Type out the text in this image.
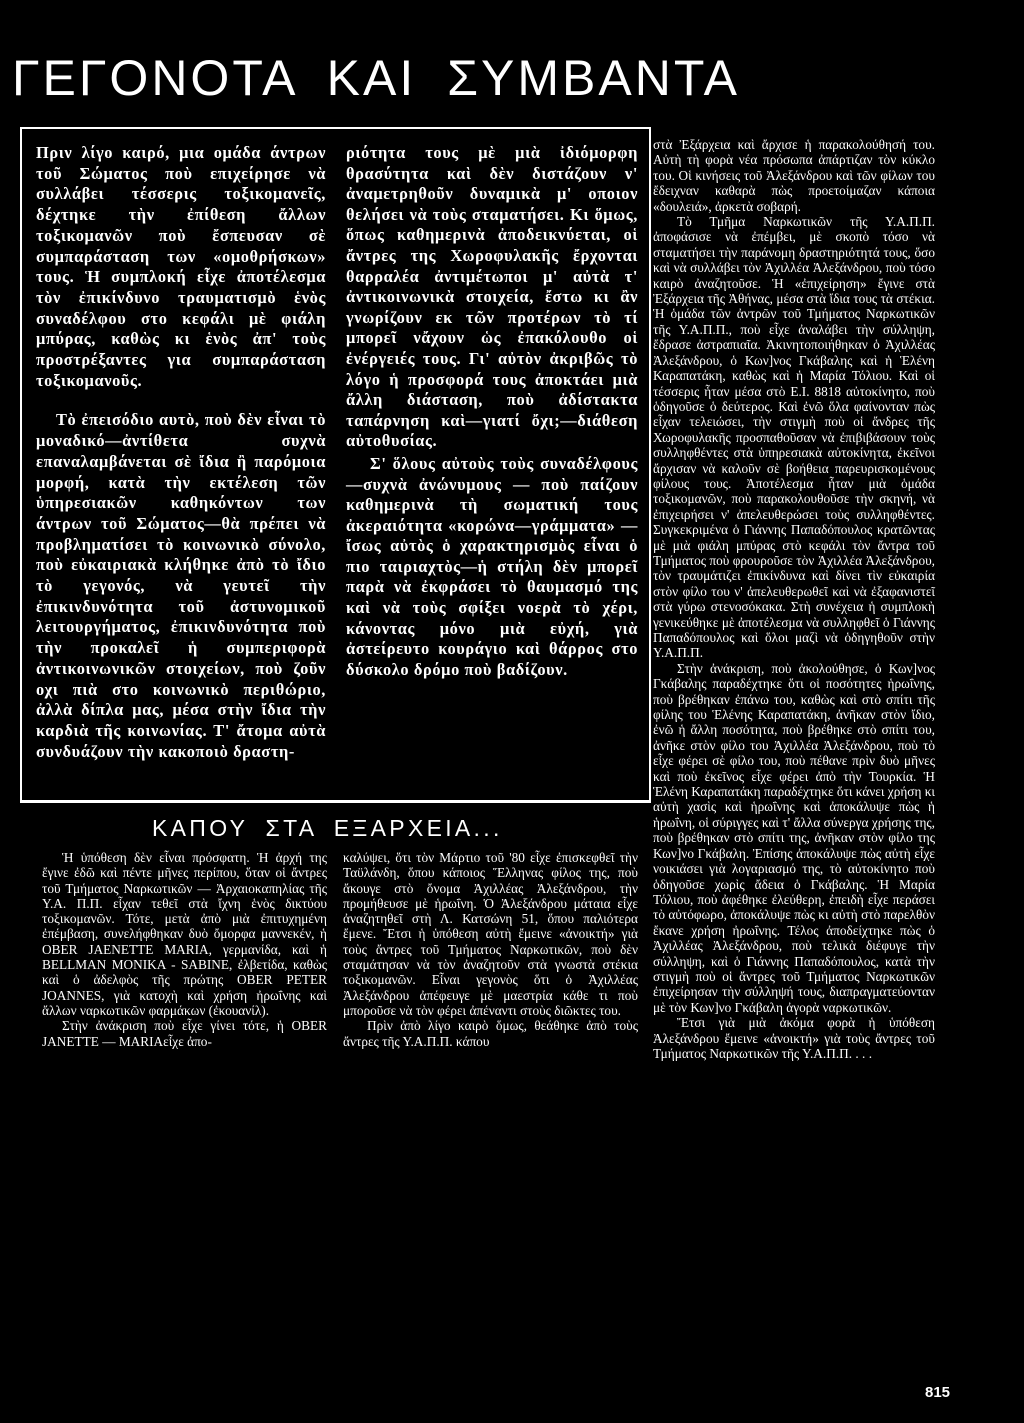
ΓΕΓΟΝΟΤΑ ΚΑΙ ΣΥΜΒΑΝΤΑ

Πριν λίγο καιρό, μια ομάδα άντρων τοῦ Σώματος ποὺ επιχείρησε νὰ συλλάβει τέσσερις τοξικομανεῖς, δέχτηκε τὴν ἐπίθεση ἄλλων τοξικομανῶν ποὺ ἔσπευσαν σὲ συμπαράσταση των «ομοθρήσκων» τους. Ἡ συμπλοκή εἶχε ἀποτέλεσμα τὸν ἐπικίνδυνο τραυματισμὸ ἑνὸς συναδέλφου στο κεφάλι μὲ φιάλη μπύρας, καθὼς κι ἑνὸς ἀπ' τοὺς προστρέξαντες για συμπαράσταση τοξικομανοῦς.

Τὸ ἐπεισόδιο αυτὸ, ποὺ δὲν εἶναι τὸ μοναδικό—ἀντίθετα συχνὰ επαναλαμβάνεται σὲ ἴδια ἢ παρόμοια μορφή, κατὰ τὴν εκτέλεση τῶν ὑπηρεσιακῶν καθηκόντων των άντρων τοῦ Σώματος—θὰ πρέπει νὰ προβληματίσει τὸ κοινωνικὸ σύνολο, ποὺ εὐκαιριακὰ κλήθηκε ἀπὸ τὸ ἴδιο τὸ γεγονός, νὰ γευτεῖ τὴν ἐπικινδυνότητα τοῦ ἀστυνομικοῦ λειτουργήματος, ἐπικινδυνότητα ποὺ τὴν προκαλεῖ ἡ συμπεριφορὰ ἀντικοινωνικῶν στοιχείων, ποὺ ζοῦν οχι πιὰ στο κοινωνικὸ περιθώριο, ἀλλὰ δίπλα μας, μέσα στὴν ἴδια τὴν καρδιὰ τῆς κοινωνίας. Τ' ἄτομα αὐτὰ συνδυάζουν τὴν κακοποιὸ δραστη-

ριότητα τους μὲ μιὰ ἰδιόμορφη θρασύτητα καὶ δὲν διστάζουν ν' ἀναμετρηθοῦν δυναμικὰ μ' οποιον θελήσει νὰ τοὺς σταματήσει. Κι ὅμως, ὅπως καθημερινὰ ἀποδεικνύεται, οἱ ἄντρες της Χωροφυλακῆς ἔρχονται θαρραλέα ἀντιμέτωποι μ' αὐτὰ τ' ἀντικοινωνικὰ στοιχεία, ἔστω κι ἂν γνωρίζουν εκ τῶν προτέρων τὸ τί μπορεῖ νἄχουν ὡς ἐπακόλουθο οἱ ἐνέργειές τους. Γι' αὐτὸν ἀκριβῶς τὸ λόγο ἡ προσφορά τους ἀποκτάει μιὰ ἄλλη διάσταση, ποὺ ἀδίστακτα ταπάρνηση καὶ—γιατί ὄχι;—διάθεση αὐτοθυσίας.

Σ' ὅλους αὐτοὺς τοὺς συναδέλφους—συχνὰ ἀνώνυμους — ποὺ παίζουν καθημερινὰ τὴ σωματική τους ἀκεραιότητα «κορώνα—γράμματα» — ἴσως αὐτὸς ὁ χαρακτηρισμὸς εἶναι ὁ πιο ταιριαχτὸς—ἡ στήλη δὲν μπορεῖ παρὰ νὰ ἐκφράσει τὸ θαυμασμό της καὶ νὰ τοὺς σφίξει νοερὰ τὸ χέρι, κάνοντας μόνο μιὰ εὐχή, γιὰ ἀστείρευτο κουράγιο καὶ θάρρος στο δύσκολο δρόμο ποὺ βαδίζουν.

ΚΑΠΟΥ ΣΤΑ ΕΞΑΡΧΕΙΑ...

Ἡ ὑπόθεση δὲν εἶναι πρόσφατη. Ἡ ἀρχή της ἔγινε ἐδῶ καὶ πέντε μῆνες περίπου, ὅταν οἱ ἄντρες τοῦ Τμήματος Ναρκωτικῶν — Ἀρχαιοκαπηλίας τῆς Υ.Α. Π.Π. εἶχαν τεθεῖ στὰ ἴχνη ἑνὸς δικτύου τοξικομανῶν. Τότε, μετὰ ἀπὸ μιὰ ἐπιτυχημένη ἐπέμβαση, συνελήφθηκαν δυὸ ὄμορφα μαννεκέν, ἡ OBER JAENETTE MARIA, γερμανίδα, καὶ ἡ BELLMAN MONIKA - SABINE, ἐλβετίδα, καθὼς καὶ ὁ ἀδελφὸς τῆς πρώτης OBER PETER JOANNES, γιὰ κατοχὴ καὶ χρήση ἠρωΐνης καὶ ἄλλων ναρκωτικῶν φαρμάκων (ἐκουανίλ).

Στὴν ἀνάκριση ποὺ εἶχε γίνει τότε, ἡ OBER JANETTE — MARIAεἶχε ἀπο-

καλύψει, ὅτι τὸν Μάρτιο τοῦ '80 εἶχε ἐπισκεφθεῖ τὴν Ταϋλάνδη, ὅπου κάποιος Ἕλληνας φίλος της, ποὺ ἄκουγε στὸ ὄνομα Ἀχιλλέας Ἀλεξάνδρου, τὴν προμήθευσε μὲ ἡρωΐνη. Ὁ Ἀλεξάνδρου μάταια εἶχε ἀναζητηθεῖ στὴ Λ. Κατσώνη 51, ὅπου παλιότερα ἔμενε. Ἔτσι ἡ ὑπόθεση αὐτὴ ἔμεινε «ἀνοικτή» γιὰ τοὺς ἄντρες τοῦ Τμήματος Ναρκωτικῶν, ποὺ δὲν σταμάτησαν νὰ τὸν ἀναζητοῦν στὰ γνωστὰ στέκια τοξικομανῶν. Εἶναι γεγονὸς ὅτι ὁ Ἀχιλλέας Ἀλεξάνδρου ἀπέφευγε μὲ μαεστρία κάθε τι ποὺ μποροῦσε νὰ τὸν φέρει ἀπέναντι στοὺς διῶκτες του.

Πρὶν ἀπὸ λίγο καιρὸ ὅμως, θεάθηκε ἀπὸ τοὺς ἄντρες τῆς Υ.Α.Π.Π. κάπου

στὰ Ἐξάρχεια καὶ ἄρχισε ἡ παρακολούθησή του. Αὐτὴ τὴ φορὰ νέα πρόσωπα ἀπάρτιζαν τὸν κύκλο του. Οἱ κινήσεις τοῦ Ἀλεξάνδρου καὶ τῶν φίλων του ἔδειχναν καθαρὰ πὼς προετοίμαζαν κάποια «δουλειά», ἀρκετὰ σοβαρή.

Τὸ Τμῆμα Ναρκωτικῶν τῆς Υ.Α.Π.Π. ἀποφάσισε νὰ ἐπέμβει, μὲ σκοπὸ τόσο νὰ σταματήσει τὴν παράνομη δραστηριότητά τους, ὅσο καὶ νὰ συλλάβει τὸν Ἀχιλλέα Ἀλεξάνδρου, ποὺ τόσο καιρὸ ἀναζητοῦσε. Ἡ «ἐπιχείρηση» ἔγινε στὰ Ἐξάρχεια τῆς Ἀθήνας, μέσα στὰ ἴδια τους τὰ στέκια. Ἡ ὁμάδα τῶν ἀντρῶν τοῦ Τμήματος Ναρκωτικῶν τῆς Υ.Α.Π.Π., ποὺ εἶχε ἀναλάβει τὴν σύλληψη, ἔδρασε ἀστραπιαῖα. Ἀκινητοποιήθηκαν ὁ Ἀχιλλέας Ἀλεξάνδρου, ὁ Κων]νος Γκάβαλης καὶ ἡ Ἑλένη Καραπατάκη, καθὼς καὶ ἡ Μαρία Τόλιου. Καὶ οἱ τέσσερις ἦταν μέσα στὸ Ε.Ι. 8818 αὐτοκίνητο, ποὺ ὁδηγοῦσε ὁ δεύτερος. Καὶ ἐνῶ ὅλα φαίνονταν πὼς εἶχαν τελειώσει, τὴν στιγμὴ ποὺ οἱ ἄνδρες τῆς Χωροφυλακῆς προσπαθοῦσαν νὰ ἐπιβιβάσουν τοὺς συλληφθέντες στὰ ὑπηρεσιακὰ αὐτοκίνητα, ἐκεῖνοι ἄρχισαν νὰ καλοῦν σὲ βοήθεια παρευρισκομένους φίλους τους. Ἀποτέλεσμα ἦταν μιὰ ὁμάδα τοξικομανῶν, ποὺ παρακολουθοῦσε τὴν σκηνή, νὰ ἐπιχειρήσει ν' ἀπελευθερώσει τοὺς συλληφθέντες. Συγκεκριμένα ὁ Γιάννης Παπαδόπουλος κρατῶντας μὲ μιὰ φιάλη μπύρας στὸ κεφάλι τὸν ἄντρα τοῦ Τμήματος ποὺ φρουροῦσε τὸν Ἀχιλλέα Ἀλεξάνδρου, τὸν τραυμάτιζει ἐπικίνδυνα καὶ δίνει τὶν εὐκαιρία στὸν φίλο του ν' ἀπελευθερωθεῖ καὶ νὰ ἐξαφανιστεῖ στὰ γύρω στενοσόκακα. Στὴ συνέχεια ἡ συμπλοκὴ γενικεύθηκε μὲ ἀποτέλεσμα νὰ συλληφθεῖ ὁ Γιάννης Παπαδόπουλος καὶ ὅλοι μαζὶ νὰ ὁδηγηθοῦν στὴν Υ.Α.Π.Π.

Στὴν ἀνάκριση, ποὺ ἀκολούθησε, ὁ Κων]νος Γκάβαλης παραδέχτηκε ὅτι οἱ ποσότητες ἡρωΐνης, ποὺ βρέθηκαν ἐπάνω του, καθὼς καὶ στὸ σπίτι τῆς φίλης του Ἑλένης Καραπατάκη, ἀνῆκαν στὸν ἴδιο, ἐνῶ ἡ ἄλλη ποσότητα, ποὺ βρέθηκε στὸ σπίτι του, ἀνῆκε στὸν φίλο του Ἀχιλλέα Ἀλεξάνδρου, ποὺ τὸ εἶχε φέρει σὲ φίλο του, ποὺ πέθανε πρὶν δυὸ μῆνες καὶ ποὺ ἐκεῖνος εἶχε φέρει ἀπὸ τὴν Τουρκία. Ἡ Ἑλένη Καραπατάκη παραδέχτηκε ὅτι κάνει χρήση κι αὐτὴ χασὶς καὶ ἡρωΐνης καὶ ἀποκάλυψε πὼς ἡ ἡρωΐνη, οἱ σύριγγες καὶ τ' ἄλλα σύνεργα χρήσης της, ποὺ βρέθηκαν στὸ σπίτι της, ἀνῆκαν στὸν φίλο της Κων]νο Γκάβαλη. Ἐπίσης ἀποκάλυψε πὼς αὐτὴ εἶχε νοικιάσει γιὰ λογαριασμό της, τὸ αὐτοκίνητο ποὺ ὁδηγοῦσε χωρὶς ἄδεια ὁ Γκάβαλης. Ἡ Μαρία Τόλιου, ποὺ ἀφέθηκε ἐλεύθερη, ἐπειδὴ εἶχε περάσει τὸ αὐτόφωρο, ἀποκάλυψε πὼς κι αὐτὴ στὸ παρελθὸν ἔκανε χρήση ἠρωΐνης. Τέλος ἀποδείχτηκε πὼς ὁ Ἀχιλλέας Ἀλεξάνδρου, ποὺ τελικὰ διέφυγε τὴν σύλληψη, καὶ ὁ Γιάννης Παπαδόπουλος, κατὰ τὴν στιγμὴ ποὺ οἱ ἄντρες τοῦ Τμήματος Ναρκωτικῶν ἐπιχείρησαν τὴν σύλληψή τους, διαπραγματεύονταν μὲ τὸν Κων]νο Γκάβαλη ἀγορὰ ναρκωτικῶν.

Ἔτσι γιὰ μιὰ ἀκόμα φορὰ ἡ ὑπόθεση Ἀλεξάνδρου ἔμεινε «ἀνοικτή» γιὰ τοὺς ἄντρες τοῦ Τμήματος Ναρκωτικῶν τῆς Υ.Α.Π.Π. . . .

815
